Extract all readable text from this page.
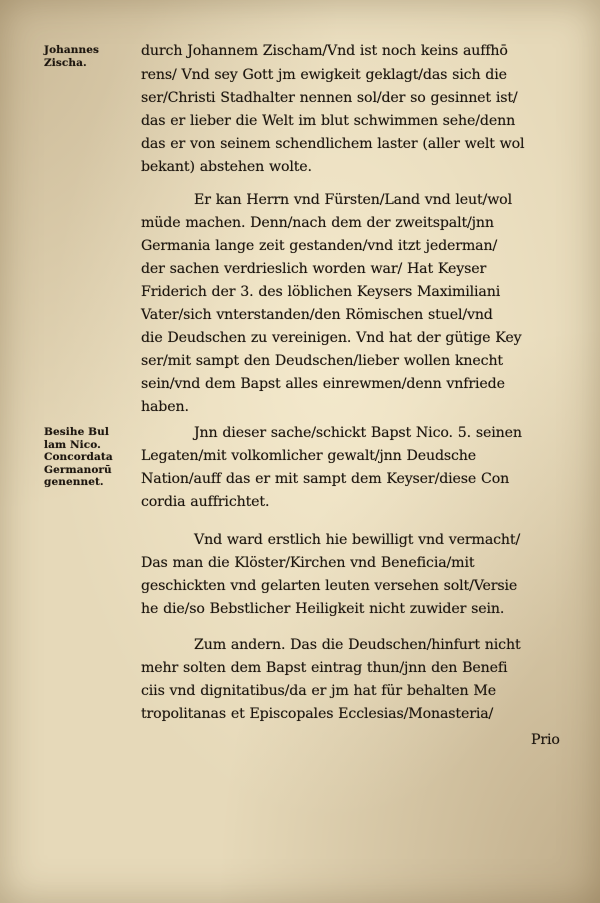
Johannes
Zischa.
Besihe Bul
lam Nico.
Concordata
Germanorū
genennet.
durch Johannem Zischam/Vnd ist noch keins auffhō
rens/ Vnd sey Gott jm ewigkeit geklagt/das sich die
ser/Christi Stadhalter nennen sol/der so gesinnet ist/
das er lieber die Welt im blut schwimmen sehe/denn
das er von seinem schendlichem laster (aller welt wol
bekant) abstehen wolte.
Er kan Herrn vnd Fürsten/Land vnd leut/wol
müde machen. Denn/nach dem der zweitspalt/jnn
Germania lange zeit gestanden/vnd itzt jederman/
der sachen verdrieslich worden war/ Hat Keyser
Friderich der 3. des löblichen Keysers Maximiliani
Vater/sich vnterstanden/den Römischen stuel/vnd
die Deudschen zu vereinigen. Vnd hat der gütige Key
ser/mit sampt den Deudschen/lieber wollen knecht
sein/vnd dem Bapst alles einrewmen/denn vnfriede
haben.
Jnn dieser sache/schickt Bapst Nico. 5. seinen
Legaten/mit volkomlicher gewalt/jnn Deudsche
Nation/auff das er mit sampt dem Keyser/diese Con
cordia auffrichtet.
Vnd ward erstlich hie bewilligt vnd vermacht/
Das man die Klöster/Kirchen vnd Beneficia/mit
geschickten vnd gelarten leuten versehen solt/Versie
he die/so Bebstlicher Heiligkeit nicht zuwider sein.
Zum andern. Das die Deudschen/hinfurt nicht
mehr solten dem Bapst eintrag thun/jnn den Benefi
ciis vnd dignitatibus/da er jm hat für behalten Me
tropolitanas et Episcopales Ecclesias/Monasteria/
Prio
